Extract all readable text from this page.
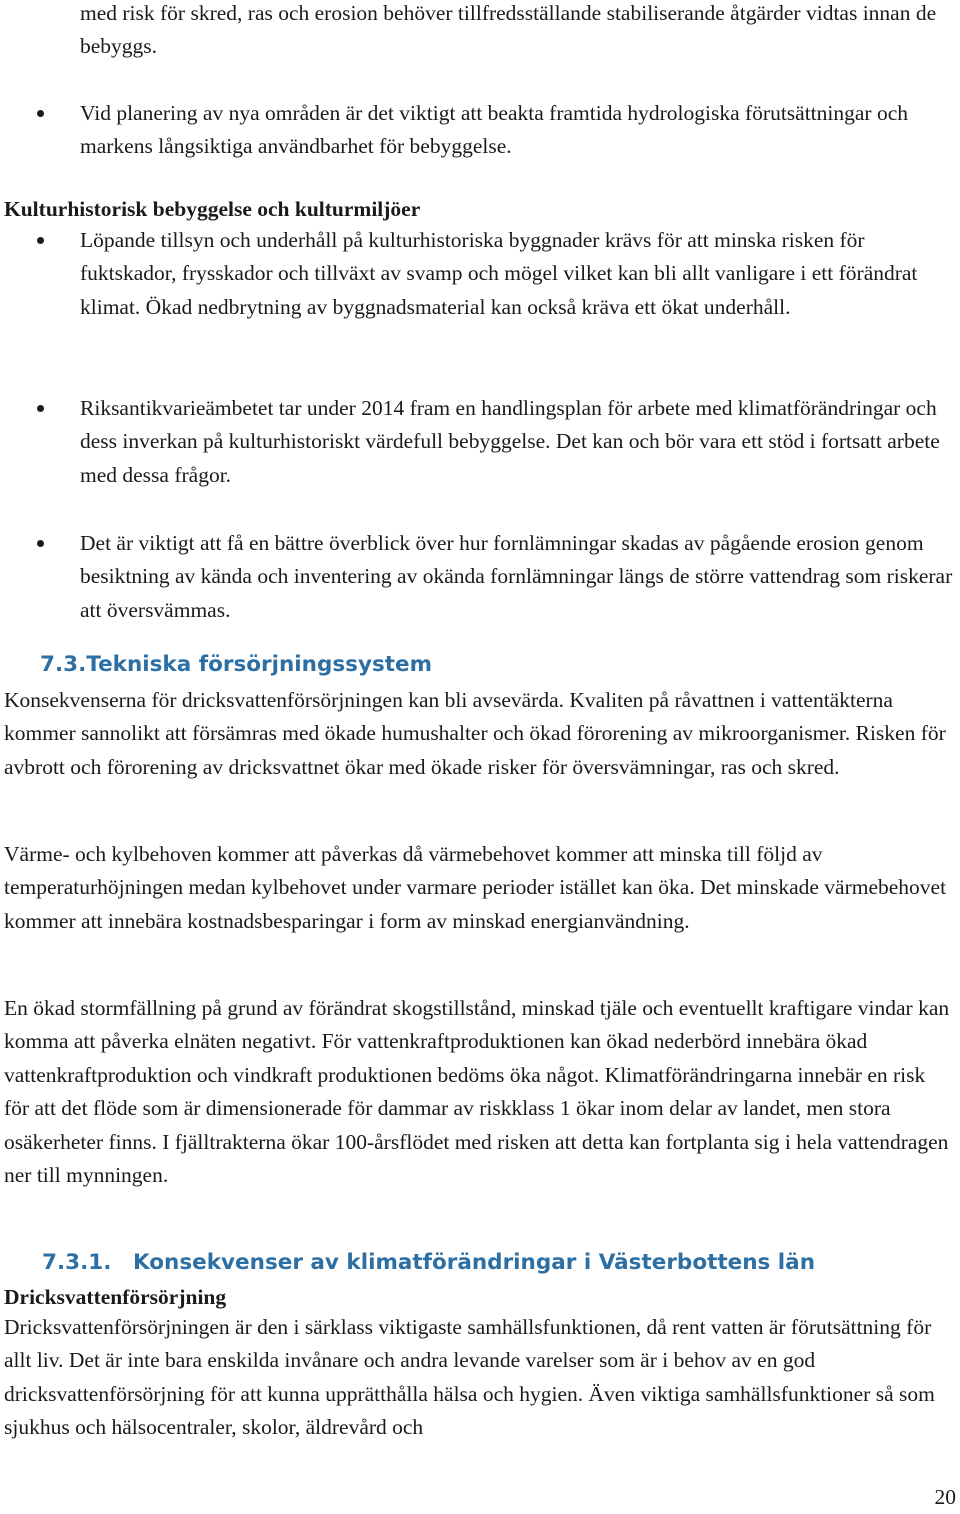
med risk för skred, ras och erosion behöver tillfredsställande stabiliserande åtgärder vidtas innan de bebyggs.
Vid planering av nya områden är det viktigt att beakta framtida hydrologiska förutsättningar och markens långsiktiga användbarhet för bebyggelse.
Kulturhistorisk bebyggelse och kulturmiljöer
Löpande tillsyn och underhåll på kulturhistoriska byggnader krävs för att minska risken för fuktskador, frysskador och tillväxt av svamp och mögel vilket kan bli allt vanligare i ett förändrat klimat. Ökad nedbrytning av byggnadsmaterial kan också kräva ett ökat underhåll.
Riksantikvarieämbetet tar under 2014 fram en handlingsplan för arbete med klimatförändringar och dess inverkan på kulturhistoriskt värdefull bebyggelse. Det kan och bör vara ett stöd i fortsatt arbete med dessa frågor.
Det är viktigt att få en bättre överblick över hur fornlämningar skadas av pågående erosion genom besiktning av kända och inventering av okända fornlämningar längs de större vattendrag som riskerar att översvämmas.
7.3.Tekniska försörjningssystem
Konsekvenserna för dricksvattenförsörjningen kan bli avsevärda. Kvaliten på råvattnen i vattentäkterna kommer sannolikt att försämras med ökade humushalter och ökad förorening av mikroorganismer. Risken för avbrott och förorening av dricksvattnet ökar med ökade risker för översvämningar, ras och skred.
Värme- och kylbehoven kommer att påverkas då värmebehovet kommer att minska till följd av temperaturhöjningen medan kylbehovet under varmare perioder istället kan öka. Det minskade värmebehovet kommer att innebära kostnadsbesparingar i form av minskad energianvändning.
En ökad stormfällning på grund av förändrat skogstillstånd, minskad tjäle och eventuellt kraftigare vindar kan komma att påverka elnäten negativt. För vattenkraftproduktionen kan ökad nederbörd innebära ökad vattenkraftproduktion och vindkraft produktionen bedöms öka något. Klimatförändringarna innebär en risk för att det flöde som är dimensionerade för dammar av riskklass 1 ökar inom delar av landet, men stora osäkerheter finns. I fjälltrakterna ökar 100-årsflödet med risken att detta kan fortplanta sig i hela vattendragen ner till mynningen.
7.3.1. Konsekvenser av klimatförändringar i Västerbottens län
Dricksvattenförsörjning
Dricksvattenförsörjningen är den i särklass viktigaste samhällsfunktionen, då rent vatten är förutsättning för allt liv. Det är inte bara enskilda invånare och andra levande varelser som är i behov av en god dricksvattenförsörjning för att kunna upprätthålla hälsa och hygien. Även viktiga samhällsfunktioner så som sjukhus och hälsocentraler, skolor, äldrevård och
20
